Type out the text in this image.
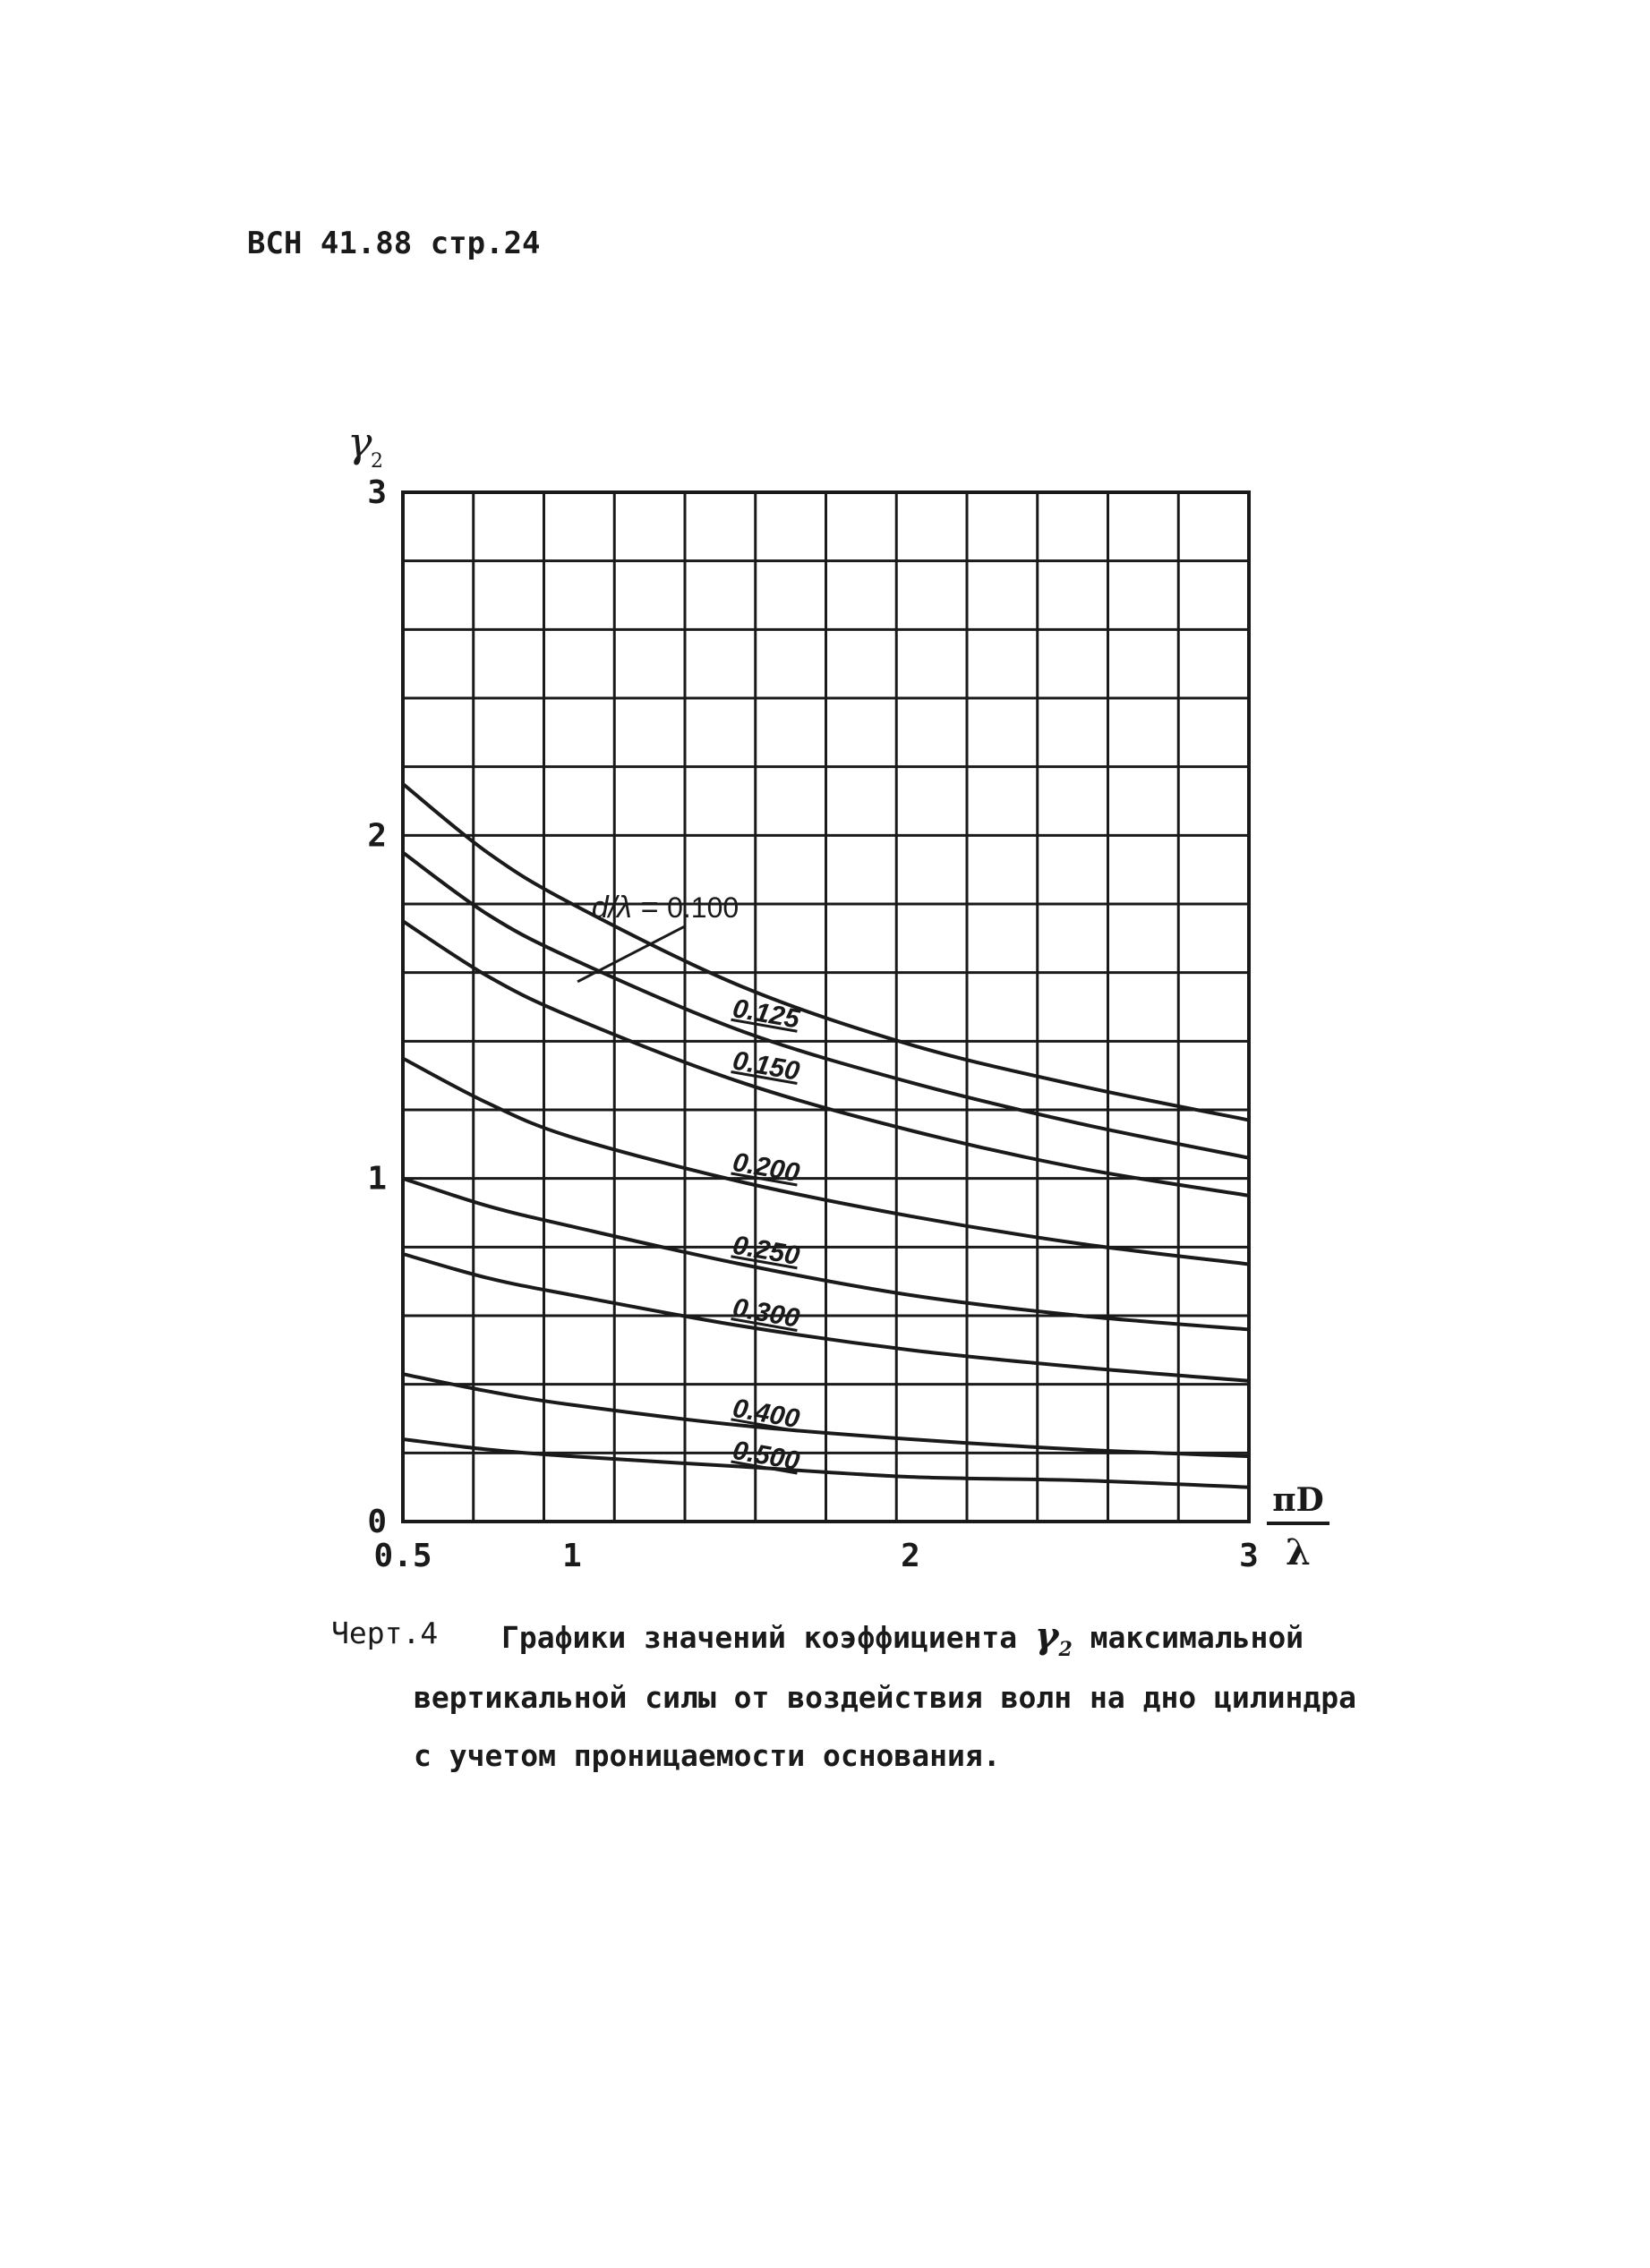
ВСН 41.88 стр.24
d/λ = 0.100
0.125
0.150
0.200
0.250
0.300
0.400
0.500
0.5	1	2	3
0
1
2
3
γ
2
πD
λ
Черт.4 Графики значений коэффициента $\gamma_2$ максимальной
вертикальной силы от воздействия волн на дно цилиндра
с учетом проницаемости основания.
